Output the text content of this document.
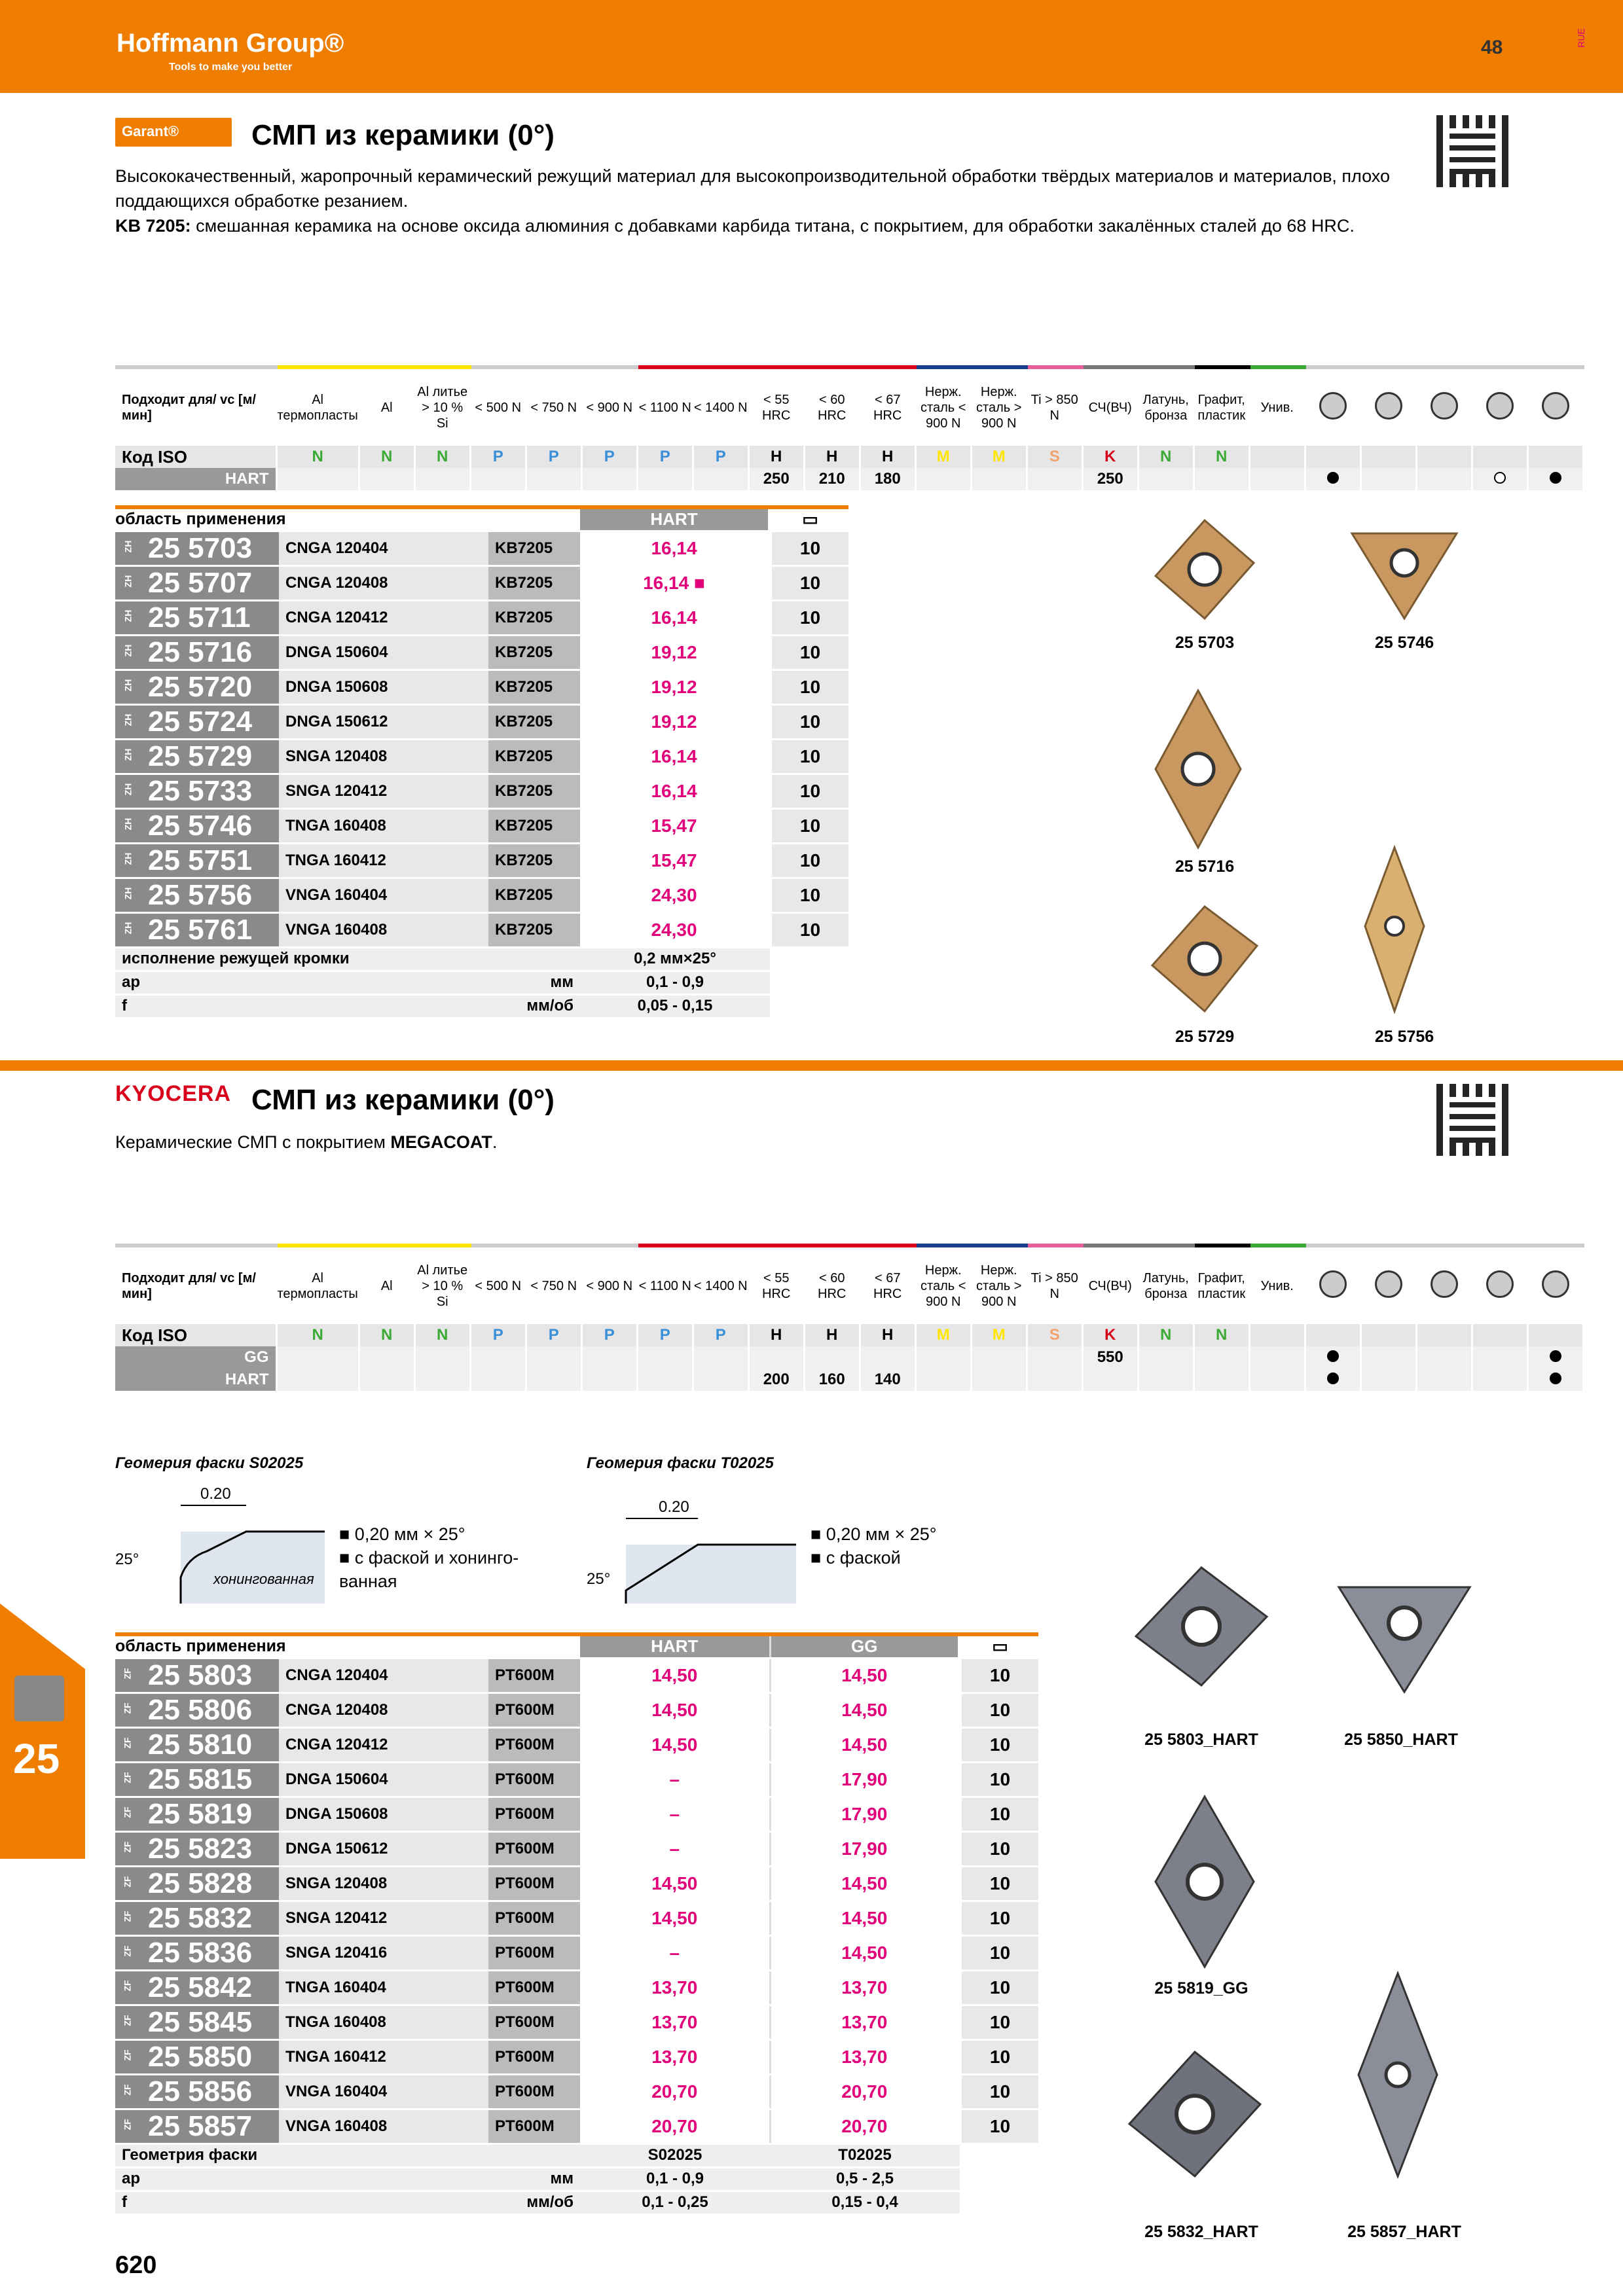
Hoffmann Group®
Tools to make you better
48	RUE
Garant®	СМП из керамики (0°)
Высококачественный, жаропрочный керамический режущий материал для высокопроизводительной обработки твёрдых материалов и материалов, плохо поддающихся обработке резанием.
KB 7205: смешанная керамика на основе оксида алюминия с добавками карбида титана, с покрытием, для обработки закалённых сталей до 68 HRC.
Подходит для/ vс [м/мин]	Al термопласты	Al	Al литье > 10 % Si	< 500 N	< 750 N	< 900 N	< 1100 N	< 1400 N	< 55 HRC	< 60 HRC	< 67 HRC	Нерж. сталь < 900 N	Нерж. сталь > 900 N	Ti > 850 N	СЧ(ВЧ)	Латунь, бронза	Графит, пластик	Унив.					
Код ISO	N	N	N	P	P	P	P	P	H	H	H	M	M	S	K	N	N						
HART									250	210	180				250								
область применения			HART	▭

ZH 25 5703	CNGA 120404	KB7205	16,14	10

ZH 25 5707	CNGA 120408	KB7205	16,14 ■	10

ZH 25 5711	CNGA 120412	KB7205	16,14	10

ZH 25 5716	DNGA 150604	KB7205	19,12	10

ZH 25 5720	DNGA 150608	KB7205	19,12	10

ZH 25 5724	DNGA 150612	KB7205	19,12	10

ZH 25 5729	SNGA 120408	KB7205	16,14	10

ZH 25 5733	SNGA 120412	KB7205	16,14	10

ZH 25 5746	TNGA 160408	KB7205	15,47	10

ZH 25 5751	TNGA 160412	KB7205	15,47	10

ZH 25 5756	VNGA 160404	KB7205	24,30	10

ZH 25 5761	VNGA 160408	KB7205	24,30	10
исполнение режущей кромки			0,2 мм×25°	
ap		мм	0,1 - 0,9	
f		мм/об	0,05 - 0,15	
25 5703	25 5746
25 5716
25 5729	25 5756
KYOCERA СМП из керамики (0°)
Керамические СМП с покрытием MEGACOAT.
Подходит для/ vс [м/мин]	Al термопласты	Al	Al литье > 10 % Si	< 500 N	< 750 N	< 900 N	< 1100 N	< 1400 N	< 55 HRC	< 60 HRC	< 67 HRC	Нерж. сталь < 900 N	Нерж. сталь > 900 N	Ti > 850 N	СЧ(ВЧ)	Латунь, бронза	Графит, пластик	Унив.					
Код ISO	N	N	N	P	P	P	P	P	H	H	H	M	M	S	K	N	N						
GG															550								
HART									200	160	140												
Геомерия фаски S02025	Геомерия фаски T02025
0.20
25°
хонингованная
0.20
25°
■ 0,20 мм × 25°
■ с фаской и хонинго-
ванная
■ 0,20 мм × 25°
■ с фаской
область применения			HART	GG	▭

ZF 25 5803	CNGA 120404	PT600M	14,50	14,50	10

ZF 25 5806	CNGA 120408	PT600M	14,50	14,50	10

ZF 25 5810	CNGA 120412	PT600M	14,50	14,50	10

ZF 25 5815	DNGA 150604	PT600M	–	17,90	10

ZF 25 5819	DNGA 150608	PT600M	–	17,90	10

ZF 25 5823	DNGA 150612	PT600M	–	17,90	10

ZF 25 5828	SNGA 120408	PT600M	14,50	14,50	10

ZF 25 5832	SNGA 120412	PT600M	14,50	14,50	10

ZF 25 5836	SNGA 120416	PT600M	–	14,50	10

ZF 25 5842	TNGA 160404	PT600M	13,70	13,70	10

ZF 25 5845	TNGA 160408	PT600M	13,70	13,70	10

ZF 25 5850	TNGA 160412	PT600M	13,70	13,70	10

ZF 25 5856	VNGA 160404	PT600M	20,70	20,70	10

ZF 25 5857	VNGA 160408	PT600M	20,70	20,70	10
Геометрия фаски			S02025	T02025	
ap		мм	0,1 - 0,9	0,5 - 2,5	
f		мм/об	0,1 - 0,25	0,15 - 0,4	
25 5803_HART	25 5850_HART
25 5819_GG
25 5832_HART	25 5857_HART
25
620
